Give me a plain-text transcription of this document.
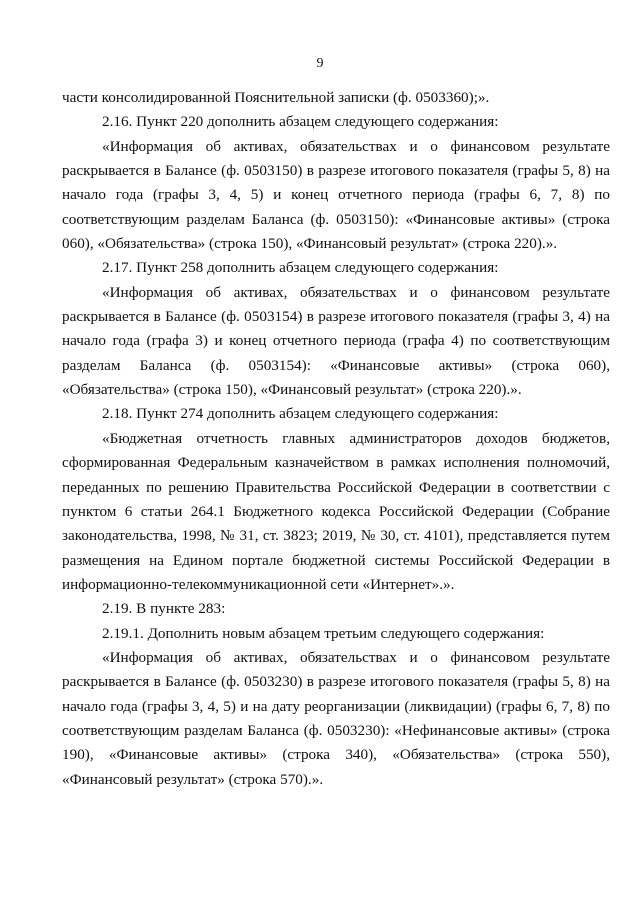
9

части консолидированной Пояснительной записки (ф. 0503360);».

2.16. Пункт 220 дополнить абзацем следующего содержания:

«Информация об активах, обязательствах и о финансовом результате раскрывается в Балансе (ф. 0503150) в разрезе итогового показателя (графы 5, 8) на начало года (графы 3, 4, 5) и конец отчетного периода (графы 6, 7, 8) по соответствующим разделам Баланса (ф. 0503150): «Финансовые активы» (строка 060), «Обязательства» (строка 150), «Финансовый результат» (строка 220).».

2.17. Пункт 258 дополнить абзацем следующего содержания:

«Информация об активах, обязательствах и о финансовом результате раскрывается в Балансе (ф. 0503154) в разрезе итогового показателя (графы 3, 4) на начало года (графа 3) и конец отчетного периода (графа 4) по соответствующим разделам Баланса (ф. 0503154): «Финансовые активы» (строка 060), «Обязательства» (строка 150), «Финансовый результат» (строка 220).».

2.18. Пункт 274 дополнить абзацем следующего содержания:

«Бюджетная отчетность главных администраторов доходов бюджетов, сформированная Федеральным казначейством в рамках исполнения полномочий, переданных по решению Правительства Российской Федерации в соответствии с пунктом 6 статьи 264.1 Бюджетного кодекса Российской Федерации (Собрание законодательства, 1998, № 31, ст. 3823; 2019, № 30, ст. 4101), представляется путем размещения на Едином портале бюджетной системы Российской Федерации в информационно-телекоммуникационной сети «Интернет».».

2.19. В пункте 283:

2.19.1. Дополнить новым абзацем третьим следующего содержания:

«Информация об активах, обязательствах и о финансовом результате раскрывается в Балансе (ф. 0503230) в разрезе итогового показателя (графы 5, 8) на начало года (графы 3, 4, 5) и на дату реорганизации (ликвидации) (графы 6, 7, 8) по соответствующим разделам Баланса (ф. 0503230): «Нефинансовые активы» (строка 190), «Финансовые активы» (строка 340), «Обязательства» (строка 550), «Финансовый результат» (строка 570).».
